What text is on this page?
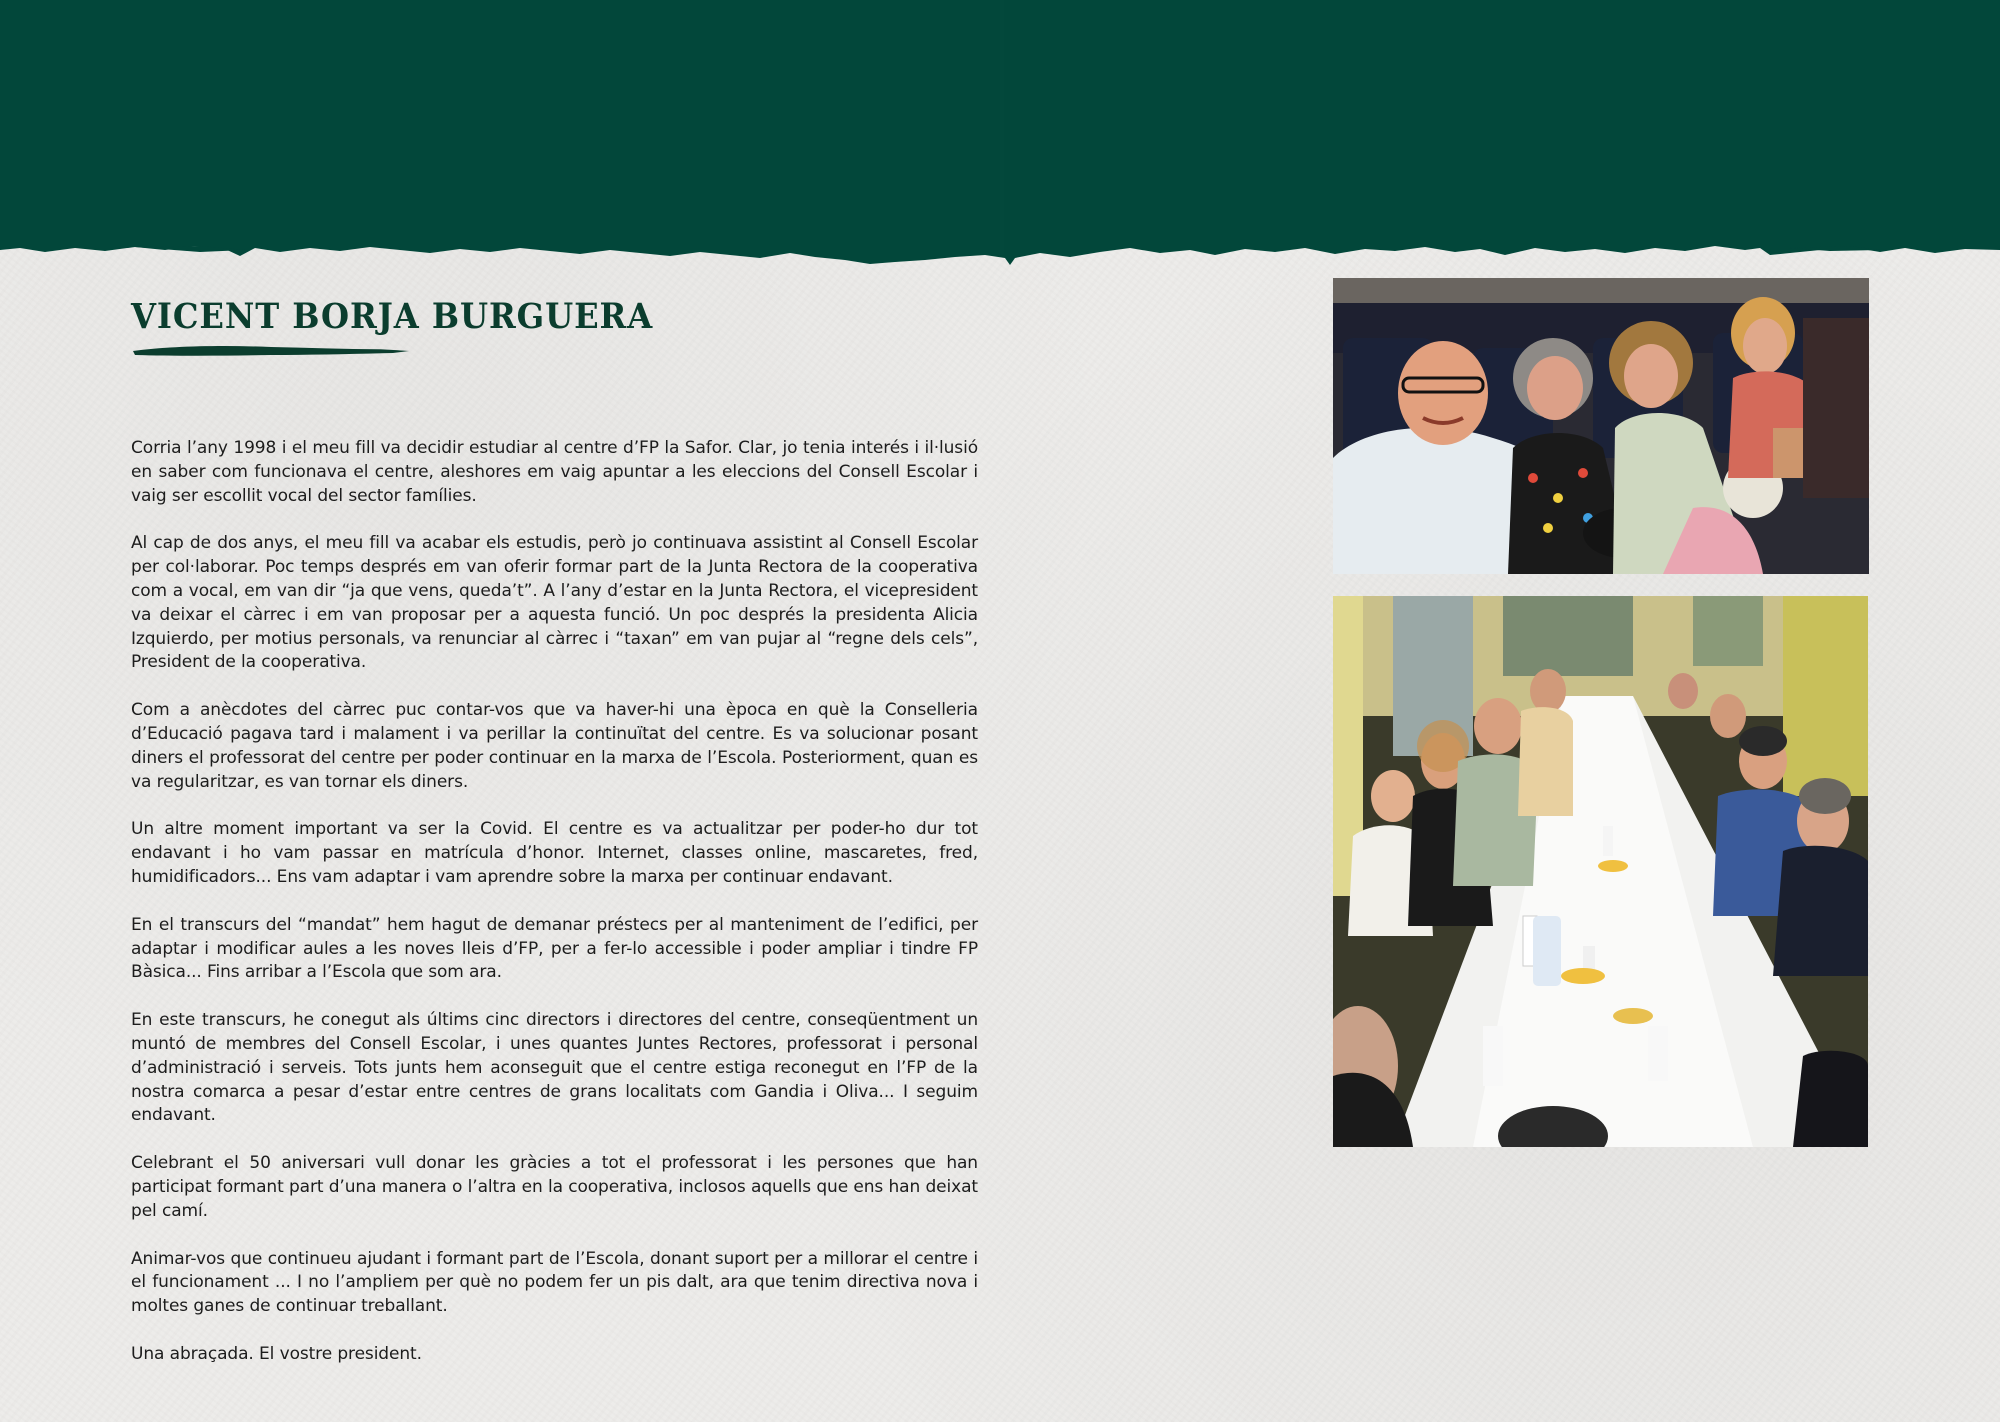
VICENT BORJA BURGUERA

Corria l’any 1998 i el meu fill va decidir estudiar al centre d’FP la Safor. Clar, jo tenia interés i il·lusió en saber com funcionava el centre, aleshores em vaig apuntar a les eleccions del Consell Escolar i vaig ser escollit vocal del sector famílies.

Al cap de dos anys, el meu fill va acabar els estudis, però jo continuava assistint al Consell Escolar per col·laborar. Poc temps després em van oferir formar part de la Junta Rectora de la cooperativa com a vocal, em van dir “ja que vens, queda’t”. A l’any d’estar en la Junta Rectora, el vicepresident va deixar el càrrec i em van proposar per a aquesta funció. Un poc després la presidenta Alicia Izquierdo, per motius personals, va renunciar al càrrec i “taxan” em van pujar al “regne dels cels”, President de la cooperativa.

Com a anècdotes del càrrec puc contar-vos que va haver-hi una època en què la Conselleria d’Educació pagava tard i malament i va perillar la continuïtat del centre. Es va solucionar posant diners el professorat del centre per poder continuar en la marxa de l’Escola. Posteriorment, quan es va regularitzar, es van tornar els diners.

Un altre moment important va ser la Covid. El centre es va actualitzar per poder-ho dur tot endavant i ho vam passar en matrícula d’honor. Internet, classes online, mascaretes, fred, humidificadors... Ens vam adaptar i vam aprendre sobre la marxa per continuar endavant.

En el transcurs del “mandat” hem hagut de demanar préstecs per al manteniment de l’edifici, per adaptar i modificar aules a les noves lleis d’FP, per a fer-lo accessible i poder ampliar i tindre FP Bàsica... Fins arribar a l’Escola que som ara.

En este transcurs, he conegut als últims cinc directors i directores del centre, conseqüentment un muntó de membres del Consell Escolar, i unes quantes Juntes Rectores, professorat i personal d’administració i serveis. Tots junts hem aconseguit que el centre estiga reconegut en l’FP de la nostra comarca a pesar d’estar entre centres de grans localitats com Gandia i Oliva... I seguim endavant.

Celebrant el 50 aniversari vull donar les gràcies a tot el professorat i les persones que han participat formant part d’una manera o l’altra en la cooperativa, inclosos aquells que ens han deixat pel camí.

Animar-vos que continueu ajudant i formant part de l’Escola, donant suport per a millorar el centre i el funcionament ... I no l’ampliem per què no podem fer un pis dalt, ara que tenim directiva nova i moltes ganes de continuar treballant.

Una abraçada. El vostre president.
